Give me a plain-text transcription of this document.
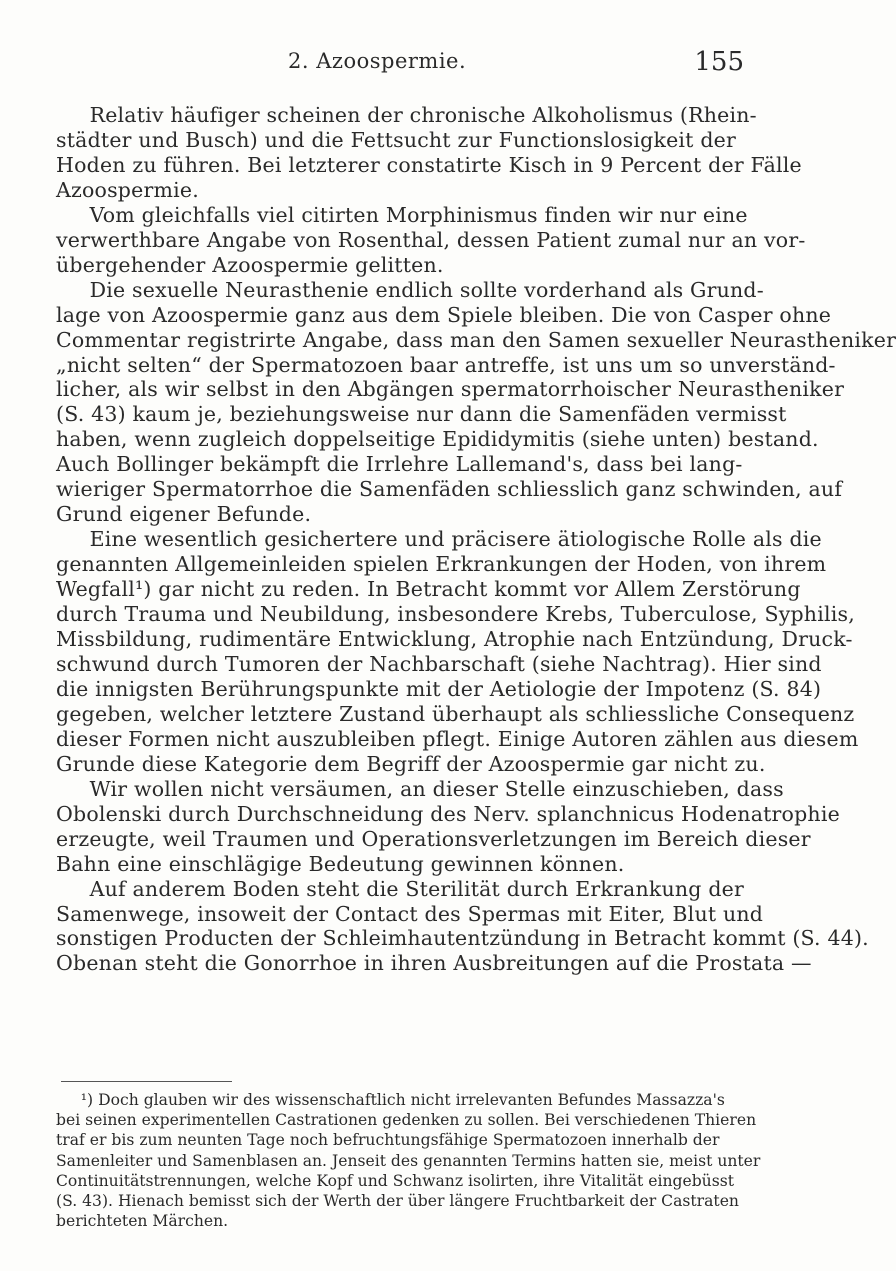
2. Azoospermie.	155
Relativ häufiger scheinen der chronische Alkoholismus (Rhein-
städter und Busch) und die Fettsucht zur Functionslosigkeit der
Hoden zu führen. Bei letzterer constatirte Kisch in 9 Percent der Fälle
Azoospermie.
Vom gleichfalls viel citirten Morphinismus finden wir nur eine
verwerthbare Angabe von Rosenthal, dessen Patient zumal nur an vor-
übergehender Azoospermie gelitten.
Die sexuelle Neurasthenie endlich sollte vorderhand als Grund-
lage von Azoospermie ganz aus dem Spiele bleiben. Die von Casper ohne
Commentar registrirte Angabe, dass man den Samen sexueller Neurastheniker
„nicht selten“ der Spermatozoen baar antreffe, ist uns um so unverständ-
licher, als wir selbst in den Abgängen spermatorrhoischer Neurastheniker
(S. 43) kaum je, beziehungsweise nur dann die Samenfäden vermisst
haben, wenn zugleich doppelseitige Epididymitis (siehe unten) bestand.
Auch Bollinger bekämpft die Irrlehre Lallemand's, dass bei lang-
wieriger Spermatorrhoe die Samenfäden schliesslich ganz schwinden, auf
Grund eigener Befunde.
Eine wesentlich gesichertere und präcisere ätiologische Rolle als die
genannten Allgemeinleiden spielen Erkrankungen der Hoden, von ihrem
Wegfall¹) gar nicht zu reden. In Betracht kommt vor Allem Zerstörung
durch Trauma und Neubildung, insbesondere Krebs, Tuberculose, Syphilis,
Missbildung, rudimentäre Entwicklung, Atrophie nach Entzündung, Druck-
schwund durch Tumoren der Nachbarschaft (siehe Nachtrag). Hier sind
die innigsten Berührungspunkte mit der Aetiologie der Impotenz (S. 84)
gegeben, welcher letztere Zustand überhaupt als schliessliche Consequenz
dieser Formen nicht auszubleiben pflegt. Einige Autoren zählen aus diesem
Grunde diese Kategorie dem Begriff der Azoospermie gar nicht zu.
Wir wollen nicht versäumen, an dieser Stelle einzuschieben, dass
Obolenski durch Durchschneidung des Nerv. splanchnicus Hodenatrophie
erzeugte, weil Traumen und Operationsverletzungen im Bereich dieser
Bahn eine einschlägige Bedeutung gewinnen können.
Auf anderem Boden steht die Sterilität durch Erkrankung der
Samenwege, insoweit der Contact des Spermas mit Eiter, Blut und
sonstigen Producten der Schleimhautentzündung in Betracht kommt (S. 44).
Obenan steht die Gonorrhoe in ihren Ausbreitungen auf die Prostata —
¹) Doch glauben wir des wissenschaftlich nicht irrelevanten Befundes Massazza's
bei seinen experimentellen Castrationen gedenken zu sollen. Bei verschiedenen Thieren
traf er bis zum neunten Tage noch befruchtungsfähige Spermatozoen innerhalb der
Samenleiter und Samenblasen an. Jenseit des genannten Termins hatten sie, meist unter
Continuitätstrennungen, welche Kopf und Schwanz isolirten, ihre Vitalität eingebüsst
(S. 43). Hienach bemisst sich der Werth der über längere Fruchtbarkeit der Castraten
berichteten Märchen.
